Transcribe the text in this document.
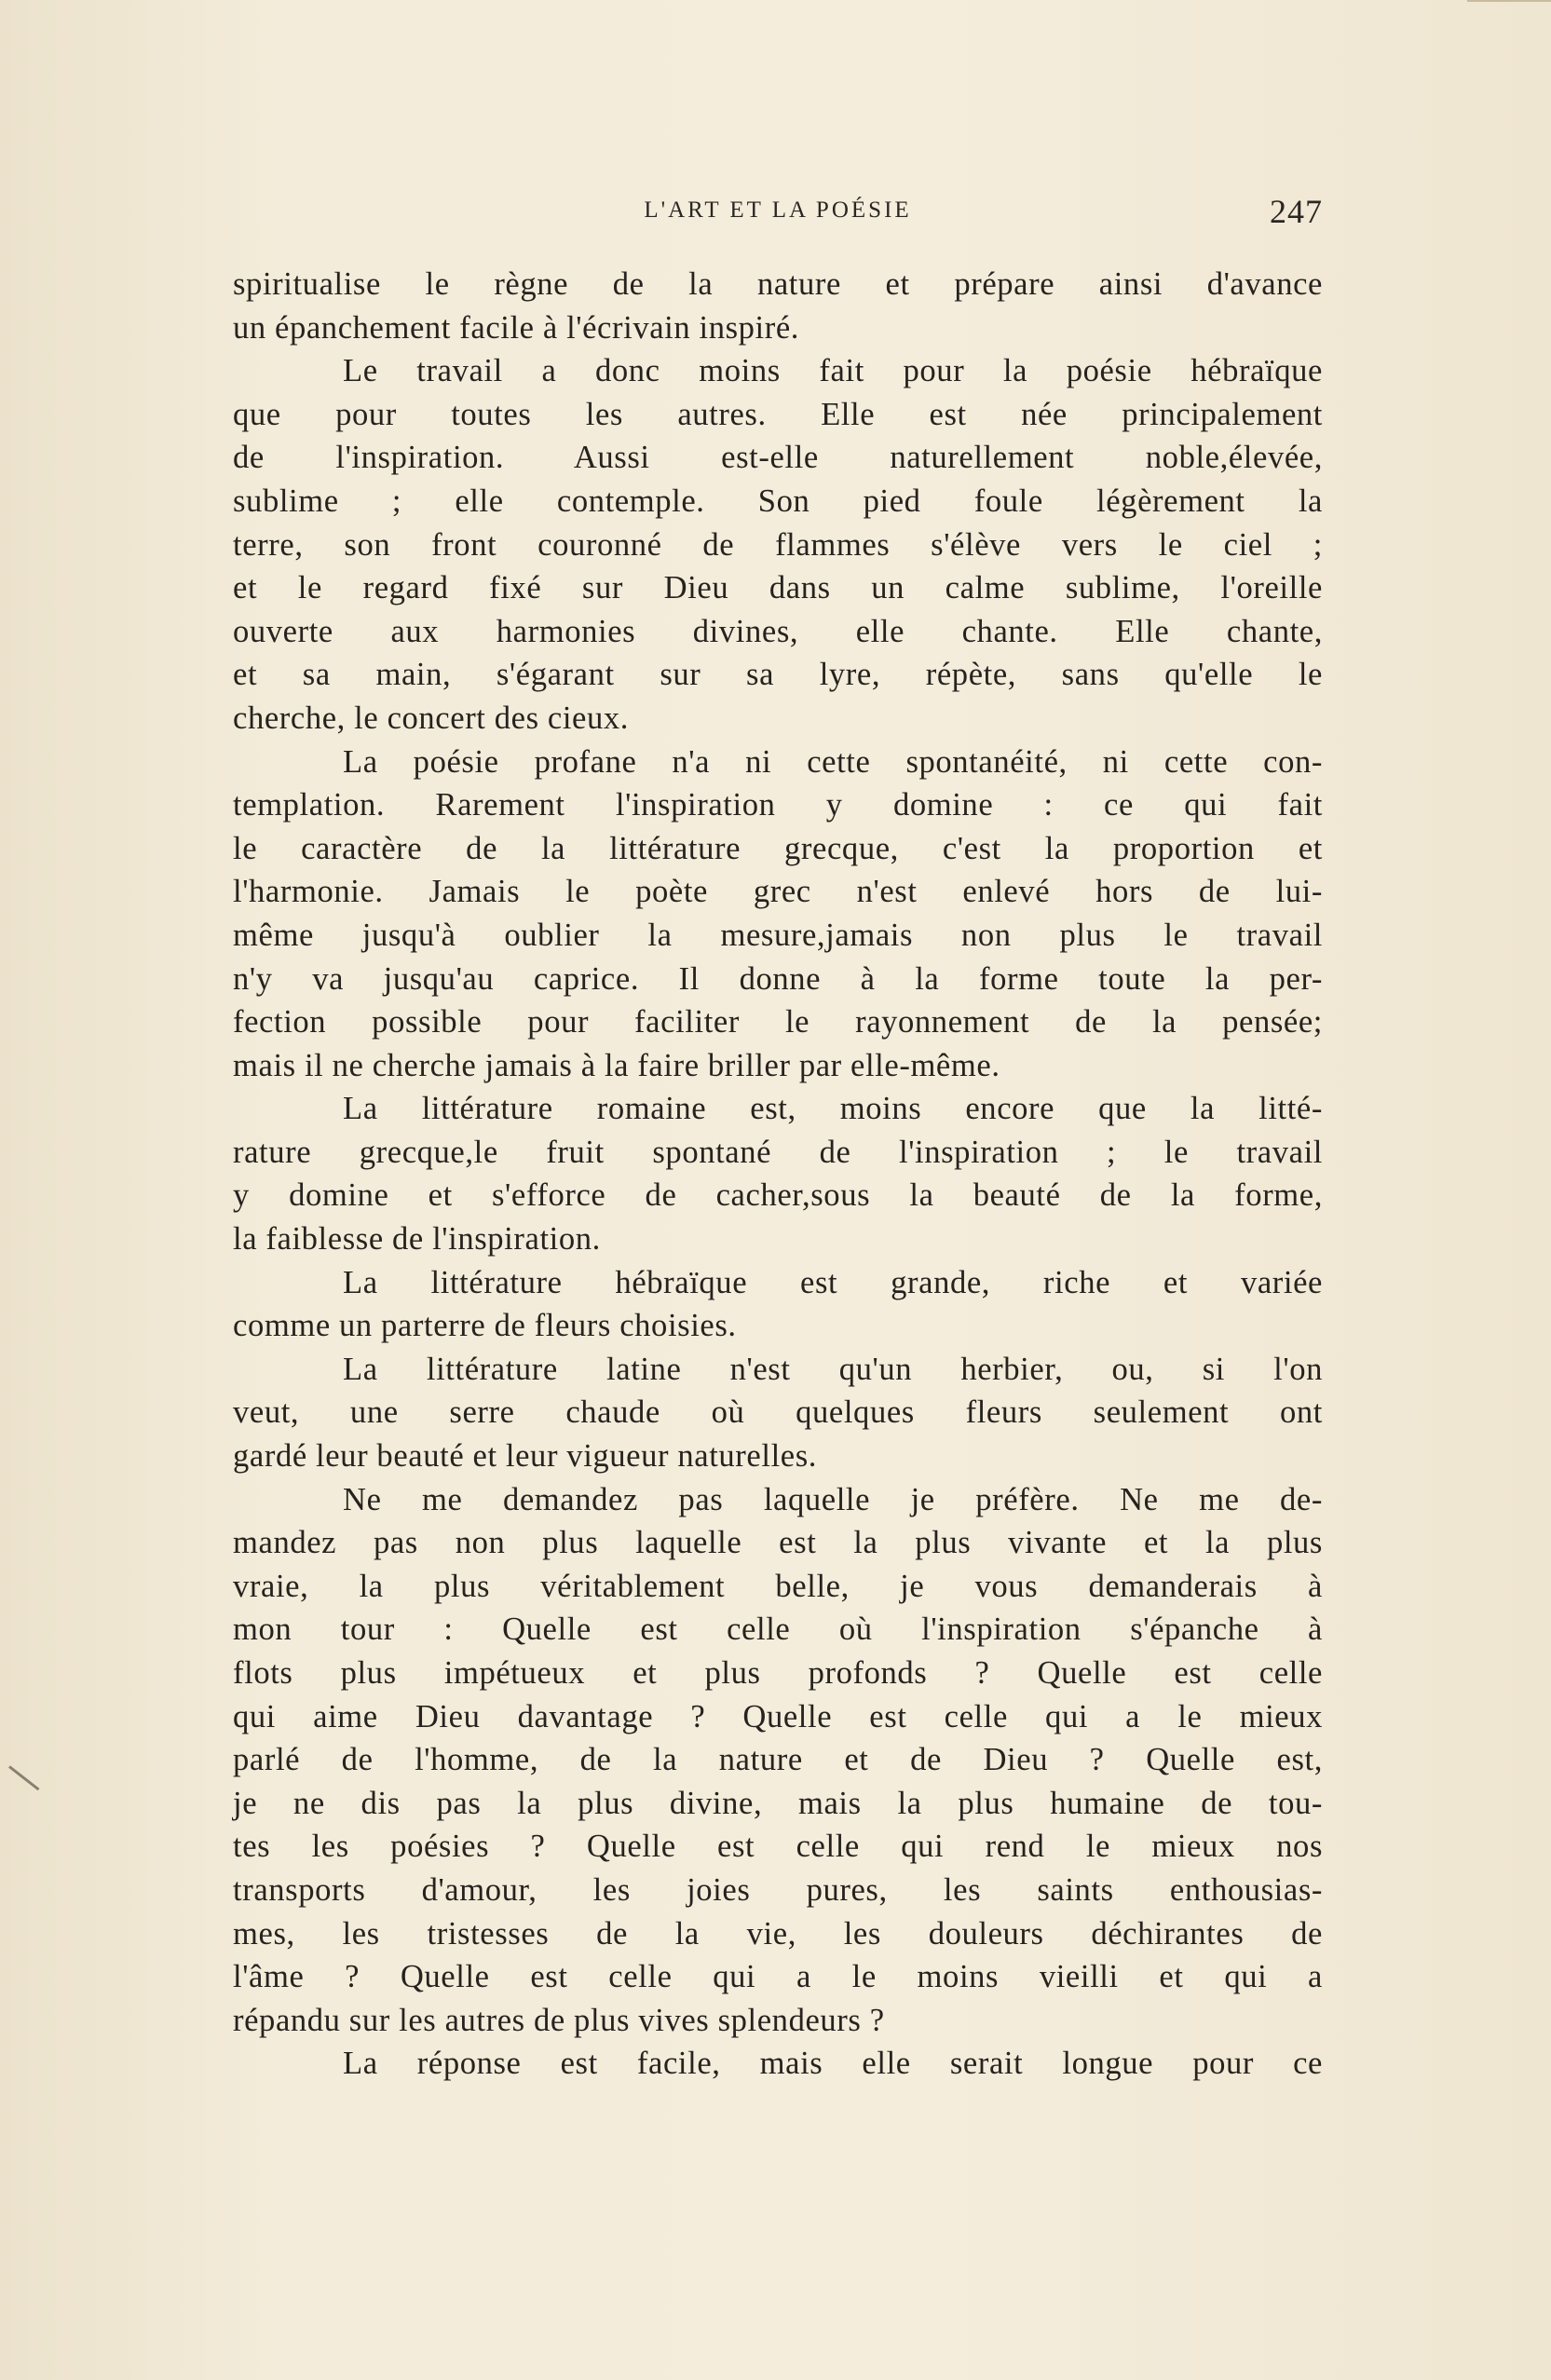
L'ART ET LA POÉSIE	247
spiritualise le règne de la nature et prépare ainsi d'avance
un épanchement facile à l'écrivain inspiré.
Le travail a donc moins fait pour la poésie hébraïque
que pour toutes les autres. Elle est née principalement
de l'inspiration. Aussi est-elle naturellement noble,élevée,
sublime ; elle contemple. Son pied foule légèrement la
terre, son front couronné de flammes s'élève vers le ciel ;
et le regard fixé sur Dieu dans un calme sublime, l'oreille
ouverte aux harmonies divines, elle chante. Elle chante,
et sa main, s'égarant sur sa lyre, répète, sans qu'elle le
cherche, le concert des cieux.
La poésie profane n'a ni cette spontanéité, ni cette con-
templation. Rarement l'inspiration y domine : ce qui fait
le caractère de la littérature grecque, c'est la proportion et
l'harmonie. Jamais le poète grec n'est enlevé hors de lui-
même jusqu'à oublier la mesure,jamais non plus le travail
n'y va jusqu'au caprice. Il donne à la forme toute la per-
fection possible pour faciliter le rayonnement de la pensée;
mais il ne cherche jamais à la faire briller par elle-même.
La littérature romaine est, moins encore que la litté-
rature grecque,le fruit spontané de l'inspiration ; le travail
y domine et s'efforce de cacher,sous la beauté de la forme,
la faiblesse de l'inspiration.
La littérature hébraïque est grande, riche et variée
comme un parterre de fleurs choisies.
La littérature latine n'est qu'un herbier, ou, si l'on
veut, une serre chaude où quelques fleurs seulement ont
gardé leur beauté et leur vigueur naturelles.
Ne me demandez pas laquelle je préfère. Ne me de-
mandez pas non plus laquelle est la plus vivante et la plus
vraie, la plus véritablement belle, je vous demanderais à
mon tour : Quelle est celle où l'inspiration s'épanche à
flots plus impétueux et plus profonds ? Quelle est celle
qui aime Dieu davantage ? Quelle est celle qui a le mieux
parlé de l'homme, de la nature et de Dieu ? Quelle est,
je ne dis pas la plus divine, mais la plus humaine de tou-
tes les poésies ? Quelle est celle qui rend le mieux nos
transports d'amour, les joies pures, les saints enthousias-
mes, les tristesses de la vie, les douleurs déchirantes de
l'âme ? Quelle est celle qui a le moins vieilli et qui a
répandu sur les autres de plus vives splendeurs ?
La réponse est facile, mais elle serait longue pour ce
